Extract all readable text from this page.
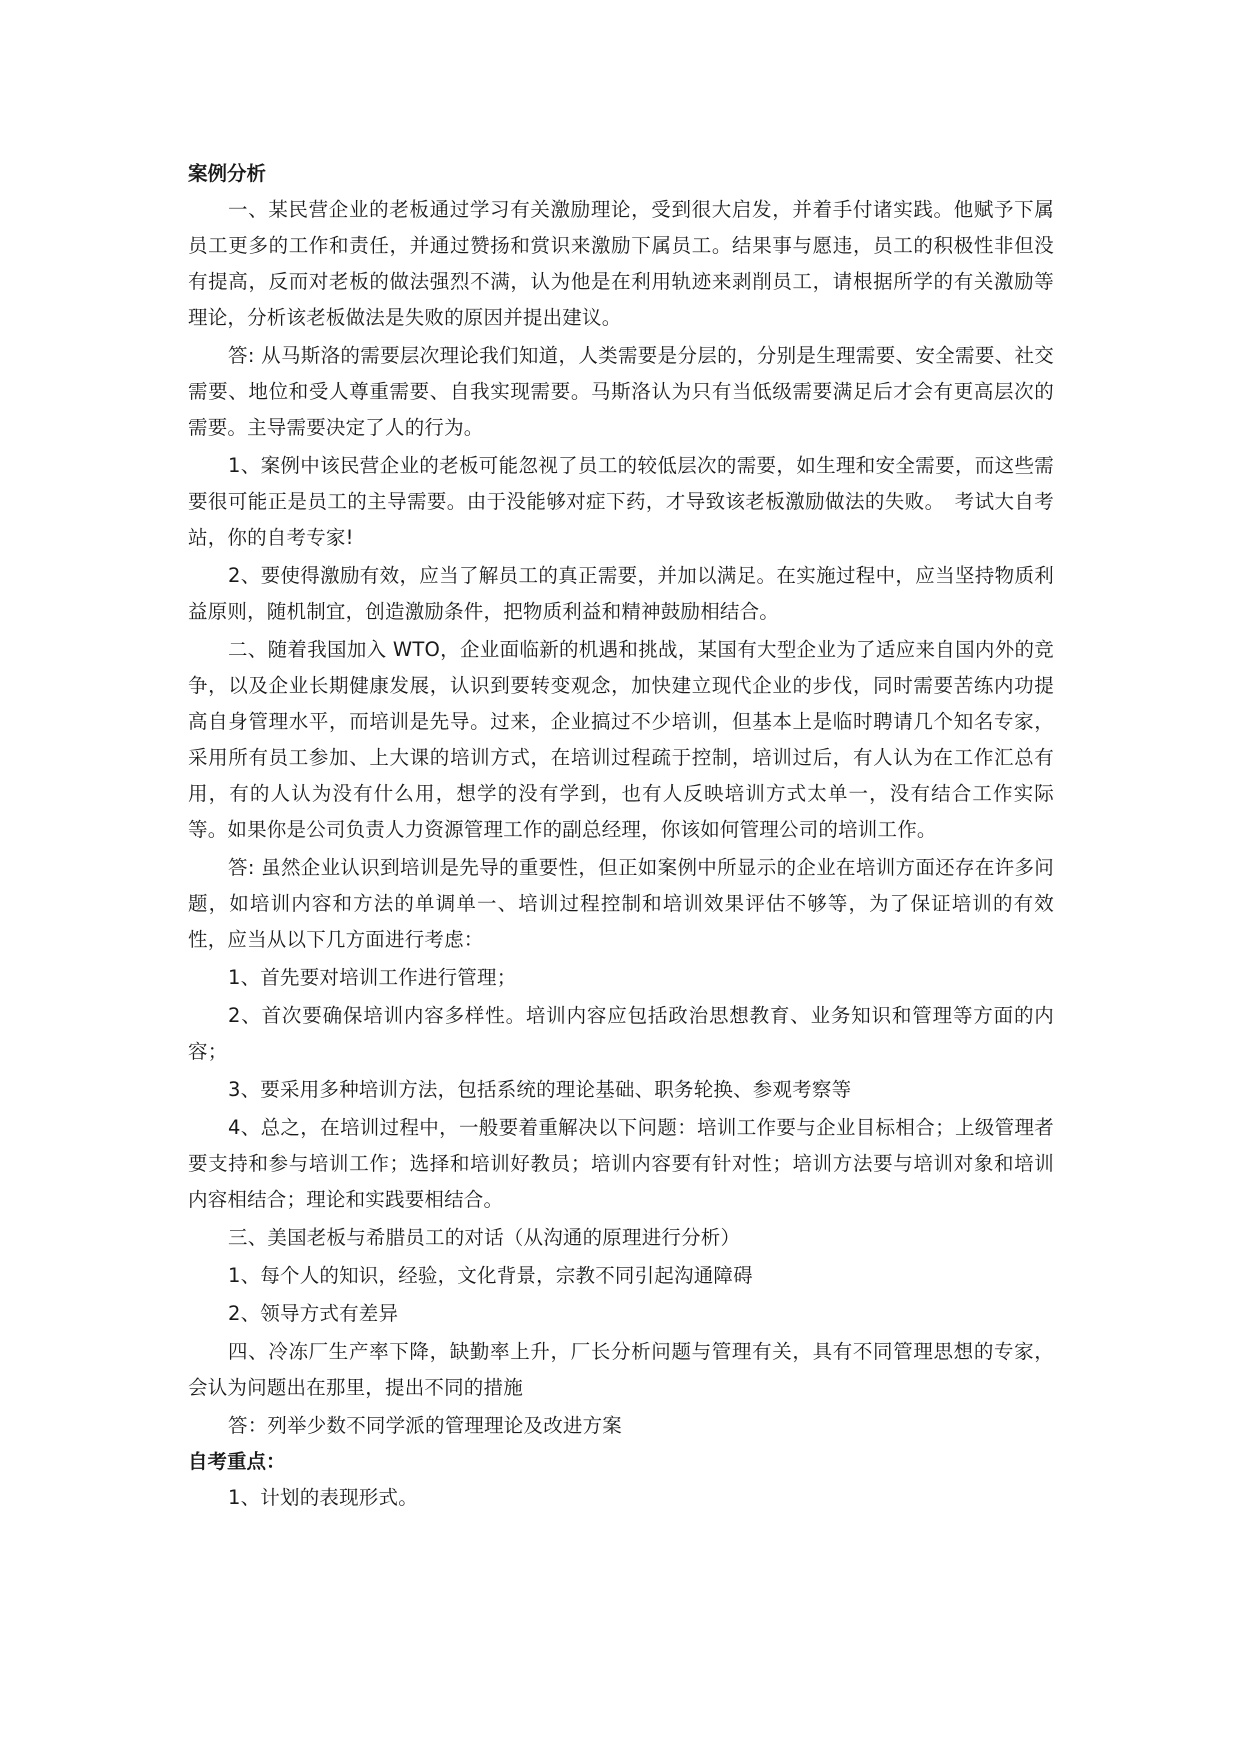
案例分析

一、某民营企业的老板通过学习有关激励理论，受到很大启发，并着手付诸实践。他赋予下属员工更多的工作和责任，并通过赞扬和赏识来激励下属员工。结果事与愿违，员工的积极性非但没有提高，反而对老板的做法强烈不满，认为他是在利用轨迹来剥削员工，请根据所学的有关激励等理论，分析该老板做法是失败的原因并提出建议。

答: 从马斯洛的需要层次理论我们知道，人类需要是分层的，分别是生理需要、安全需要、社交需要、地位和受人尊重需要、自我实现需要。马斯洛认为只有当低级需要满足后才会有更高层次的需要。主导需要决定了人的行为。

1、案例中该民营企业的老板可能忽视了员工的较低层次的需要，如生理和安全需要，而这些需要很可能正是员工的主导需要。由于没能够对症下药，才导致该老板激励做法的失败。　考试大自考站，你的自考专家!

2、要使得激励有效，应当了解员工的真正需要，并加以满足。在实施过程中，应当坚持物质利益原则，随机制宜，创造激励条件，把物质利益和精神鼓励相结合。

二、随着我国加入 WTO，企业面临新的机遇和挑战，某国有大型企业为了适应来自国内外的竞争，以及企业长期健康发展，认识到要转变观念，加快建立现代企业的步伐，同时需要苦练内功提高自身管理水平，而培训是先导。过来，企业搞过不少培训，但基本上是临时聘请几个知名专家，采用所有员工参加、上大课的培训方式，在培训过程疏于控制，培训过后，有人认为在工作汇总有用，有的人认为没有什么用，想学的没有学到，也有人反映培训方式太单一，没有结合工作实际等。如果你是公司负责人力资源管理工作的副总经理，你该如何管理公司的培训工作。

答: 虽然企业认识到培训是先导的重要性，但正如案例中所显示的企业在培训方面还存在许多问题，如培训内容和方法的单调单一、培训过程控制和培训效果评估不够等，为了保证培训的有效性，应当从以下几方面进行考虑：

1、首先要对培训工作进行管理；

2、首次要确保培训内容多样性。培训内容应包括政治思想教育、业务知识和管理等方面的内容；

3、要采用多种培训方法，包括系统的理论基础、职务轮换、参观考察等

4、总之，在培训过程中，一般要着重解决以下问题：培训工作要与企业目标相合；上级管理者要支持和参与培训工作；选择和培训好教员；培训内容要有针对性；培训方法要与培训对象和培训内容相结合；理论和实践要相结合。

三、美国老板与希腊员工的对话（从沟通的原理进行分析）

1、每个人的知识，经验，文化背景，宗教不同引起沟通障碍

2、领导方式有差异

四、冷冻厂生产率下降，缺勤率上升，厂长分析问题与管理有关，具有不同管理思想的专家，会认为问题出在那里，提出不同的措施

答：列举少数不同学派的管理理论及改进方案

自考重点：

1、计划的表现形式。
